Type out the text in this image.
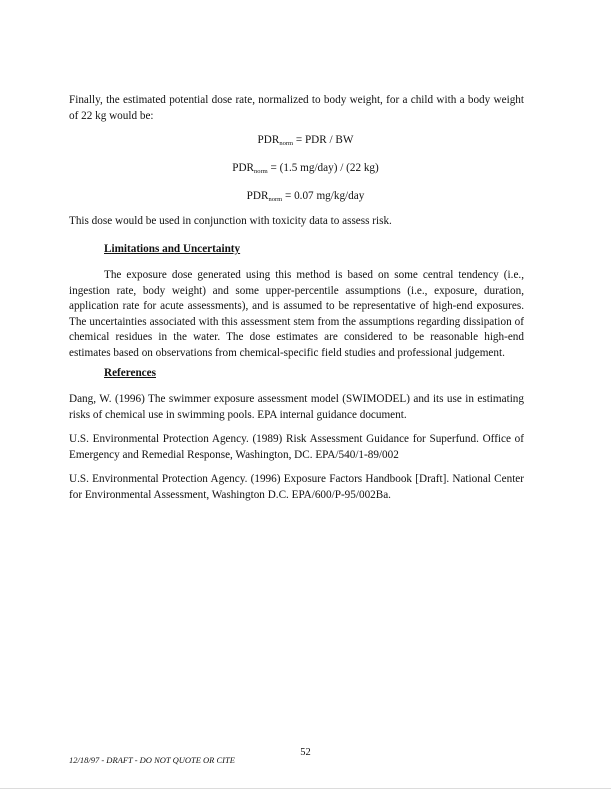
Finally, the estimated potential dose rate, normalized to body weight, for a child with a body weight of 22 kg would be:

$PDR_{norm}$ = PDR / BW
$PDR_{norm} = (1.5$ mg/day) / (22 kg)
$PDR_{norm} = 0.07$ mg/kg/day

This dose would be used in conjunction with toxicity data to assess risk.

Limitations and Uncertainty

The exposure dose generated using this method is based on some central tendency (i.e., ingestion rate, body weight) and some upper-percentile assumptions (i.e., exposure, duration, application rate for acute assessments), and is assumed to be representative of high-end exposures. The uncertainties associated with this assessment stem from the assumptions regarding dissipation of chemical residues in the water. The dose estimates are considered to be reasonable high-end estimates based on observations from chemical-specific field studies and professional judgement.

References

Dang, W. (1996) The swimmer exposure assessment model (SWIMODEL) and its use in estimating risks of chemical use in swimming pools. EPA internal guidance document.

U.S. Environmental Protection Agency. (1989) Risk Assessment Guidance for Superfund. Office of Emergency and Remedial Response, Washington, DC. EPA/540/1-89/002

U.S. Environmental Protection Agency. (1996) Exposure Factors Handbook [Draft]. National Center for Environmental Assessment, Washington D.C. EPA/600/P-95/002Ba.

52
12/18/97 - DRAFT - DO NOT QUOTE OR CITE
